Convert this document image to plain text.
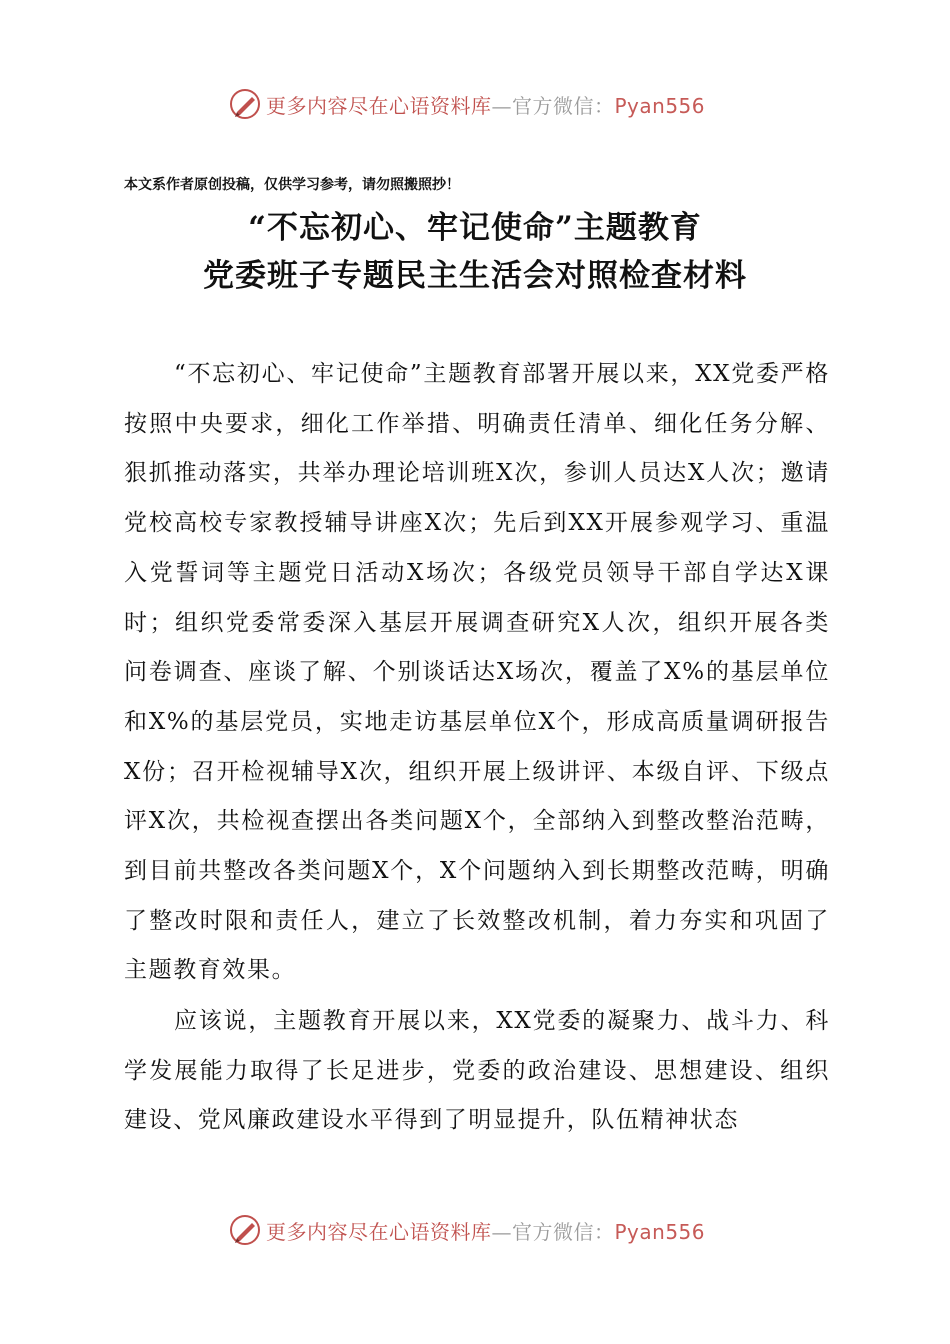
更多内容尽在心语资料库—官方微信：Pyan556
本文系作者原创投稿，仅供学习参考，请勿照搬照抄！
“不忘初心、牢记使命”主题教育
党委班子专题民主生活会对照检查材料

“不忘初心、牢记使命”主题教育部署开展以来，XX党委严格按照中央要求，细化工作举措、明确责任清单、细化任务分解、狠抓推动落实，共举办理论培训班X次，参训人员达X人次；邀请党校高校专家教授辅导讲座X次；先后到XX开展参观学习、重温入党誓词等主题党日活动X场次；各级党员领导干部自学达X课时；组织党委常委深入基层开展调查研究X人次，组织开展各类问卷调查、座谈了解、个别谈话达X场次，覆盖了X%的基层单位和X%的基层党员，实地走访基层单位X个，形成高质量调研报告X份；召开检视辅导X次，组织开展上级讲评、本级自评、下级点评X次，共检视查摆出各类问题X个，全部纳入到整改整治范畴，到目前共整改各类问题X个，X个问题纳入到长期整改范畴，明确了整改时限和责任人，建立了长效整改机制，着力夯实和巩固了主题教育效果。

应该说，主题教育开展以来，XX党委的凝聚力、战斗力、科学发展能力取得了长足进步，党委的政治建设、思想建设、组织建设、党风廉政建设水平得到了明显提升，队伍精神状态

更多内容尽在心语资料库—官方微信：Pyan556
